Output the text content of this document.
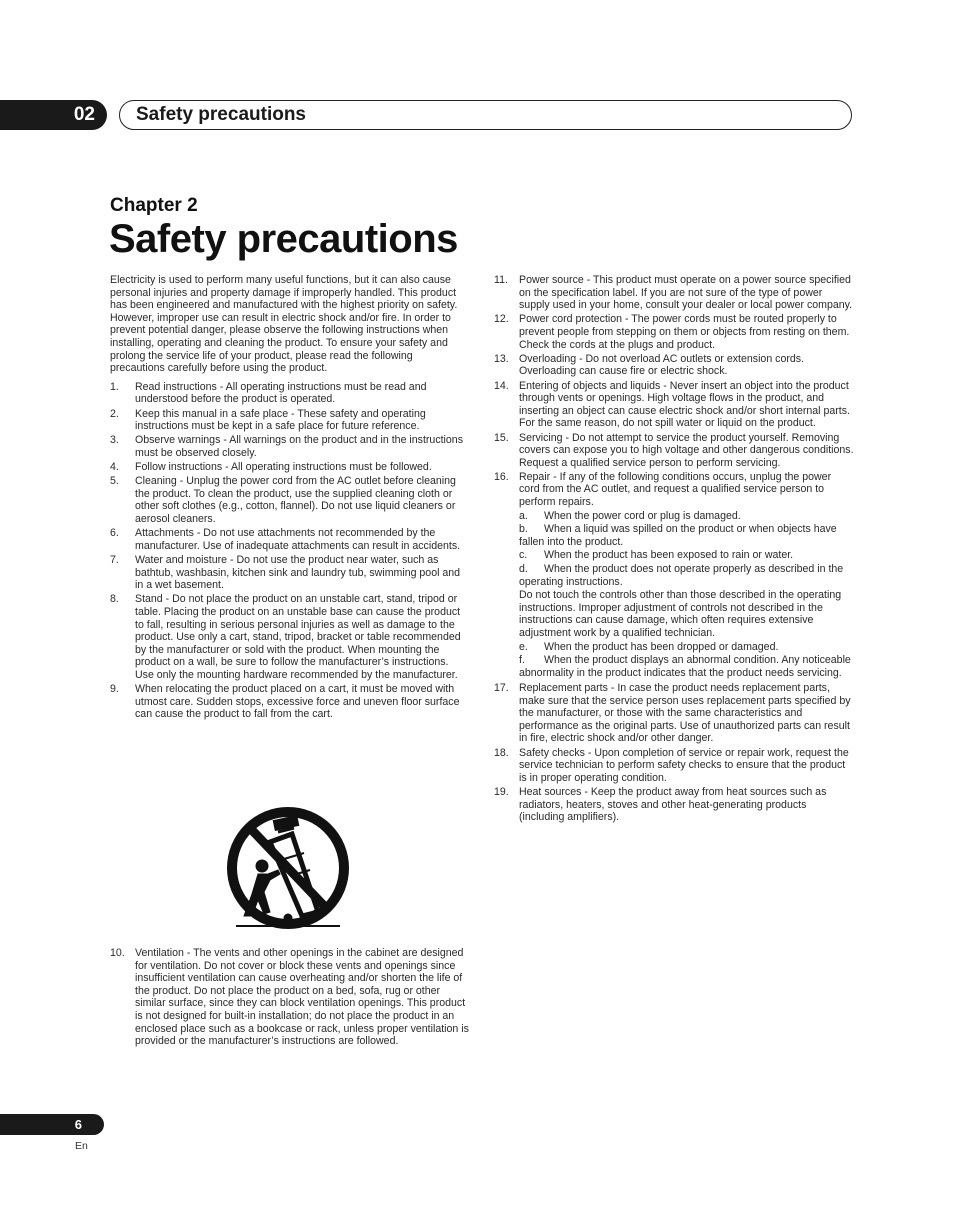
02 Safety precautions
Chapter 2
Safety precautions

Electricity is used to perform many useful functions, but it can also cause personal injuries and property damage if improperly handled. This product has been engineered and manufactured with the highest priority on safety. However, improper use can result in electric shock and/or fire. In order to prevent potential danger, please observe the following instructions when installing, operating and cleaning the product. To ensure your safety and prolong the service life of your product, please read the following precautions carefully before using the product.

1.	Read instructions - All operating instructions must be read and understood before the product is operated.
2.	Keep this manual in a safe place - These safety and operating instructions must be kept in a safe place for future reference.
3.	Observe warnings - All warnings on the product and in the instructions must be observed closely.
4.	Follow instructions - All operating instructions must be followed.
5.	Cleaning - Unplug the power cord from the AC outlet before cleaning the product. To clean the product, use the supplied cleaning cloth or other soft clothes (e.g., cotton, flannel). Do not use liquid cleaners or aerosol cleaners.
6.	Attachments - Do not use attachments not recommended by the manufacturer. Use of inadequate attachments can result in accidents.
7.	Water and moisture - Do not use the product near water, such as bathtub, washbasin, kitchen sink and laundry tub, swimming pool and in a wet basement.
8.	Stand - Do not place the product on an unstable cart, stand, tripod or table. Placing the product on an unstable base can cause the product to fall, resulting in serious personal injuries as well as damage to the product. Use only a cart, stand, tripod, bracket or table recommended by the manufacturer or sold with the product. When mounting the product on a wall, be sure to follow the manufacturer’s instructions. Use only the mounting hardware recommended by the manufacturer.
9.	When relocating the product placed on a cart, it must be moved with utmost care. Sudden stops, excessive force and uneven floor surface can cause the product to fall from the cart.
10. Ventilation - The vents and other openings in the cabinet are designed for ventilation. Do not cover or block these vents and openings since insufficient ventilation can cause overheating and/or shorten the life of the product. Do not place the product on a bed, sofa, rug or other similar surface, since they can block ventilation openings. This product is not designed for built-in installation; do not place the product in an enclosed place such as a bookcase or rack, unless proper ventilation is provided or the manufacturer’s instructions are followed.
11.	Power source - This product must operate on a power source specified on the specification label. If you are not sure of the type of power supply used in your home, consult your dealer or local power company.
12. Power cord protection - The power cords must be routed properly to prevent people from stepping on them or objects from resting on them. Check the cords at the plugs and product.
13. Overloading - Do not overload AC outlets or extension cords. Overloading can cause fire or electric shock.
14. Entering of objects and liquids - Never insert an object into the product through vents or openings. High voltage flows in the product, and inserting an object can cause electric shock and/or short internal parts. For the same reason, do not spill water or liquid on the product.
15. Servicing - Do not attempt to service the product yourself. Removing covers can expose you to high voltage and other dangerous conditions. Request a qualified service person to perform servicing.
16. Repair - If any of the following conditions occurs, unplug the power cord from the AC outlet, and request a qualified service person to perform repairs.
a.	When the power cord or plug is damaged.
b. When a liquid was spilled on the product or when objects have fallen into the product.
c.	When the product has been exposed to rain or water.
d. When the product does not operate properly as described in the operating instructions.
Do not touch the controls other than those described in the operating instructions. Improper adjustment of controls not described in the instructions can cause damage, which often requires extensive adjustment work by a qualified technician.
e.	When the product has been dropped or damaged.
f. When the product displays an abnormal condition. Any noticeable abnormality in the product indicates that the product needs servicing.
17. Replacement parts - In case the product needs replacement parts, make sure that the service person uses replacement parts specified by the manufacturer, or those with the same characteristics and performance as the original parts. Use of unauthorized parts can result in fire, electric shock and/or other danger.
18. Safety checks - Upon completion of service or repair work, request the service technician to perform safety checks to ensure that the product is in proper operating condition.
19. Heat sources - Keep the product away from heat sources such as radiators, heaters, stoves and other heat-generating products (including amplifiers).
6
En
